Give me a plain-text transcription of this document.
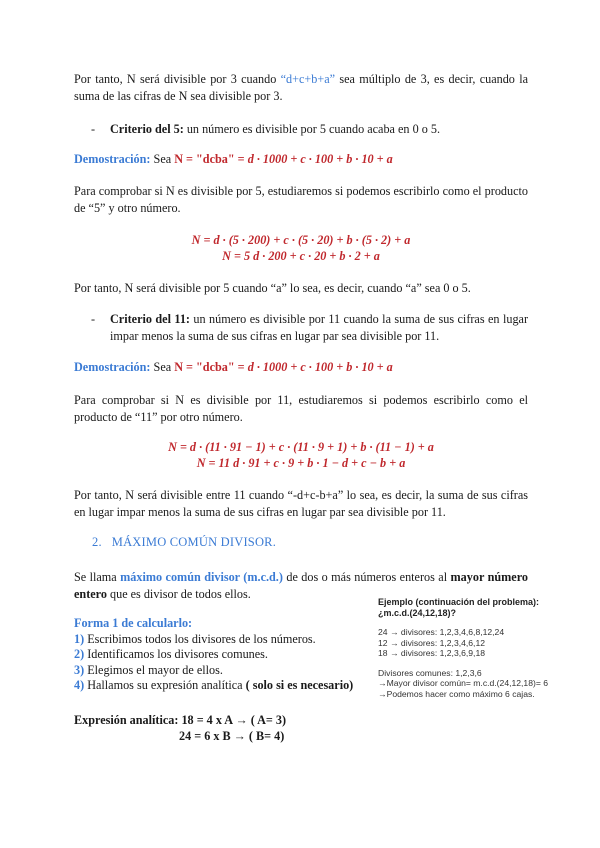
Por tanto, N será divisible por 3 cuando “d+c+b+a” sea múltiplo de 3, es decir, cuando la suma de las cifras de N sea divisible por 3.
- Criterio del 5: un número es divisible por 5 cuando acaba en 0 o 5.
Demostración: Sea N = "dcba" = d · 1000 + c · 100 + b · 10 + a
Para comprobar si N es divisible por 5, estudiaremos si podemos escribirlo como el producto de “5” y otro número.
N = d · (5 · 200) + c · (5 · 20) + b · (5 · 2) + a
N = 5 d · 200 + c · 20 + b · 2 + a
Por tanto, N será divisible por 5 cuando “a” lo sea, es decir, cuando “a” sea 0 o 5.
- Criterio del 11: un número es divisible por 11 cuando la suma de sus cifras en lugar impar menos la suma de sus cifras en lugar par sea divisible por 11.
Demostración: Sea N = "dcba" = d · 1000 + c · 100 + b · 10 + a
Para comprobar si N es divisible por 11, estudiaremos si podemos escribirlo como el producto de “11” por otro número.
N = d · (11 · 91 − 1) + c · (11 · 9 + 1) + b · (11 − 1) + a
N = 11 d · 91 + c · 9 + b · 1 − d + c − b + a
Por tanto, N será divisible entre 11 cuando “-d+c-b+a” lo sea, es decir, la suma de sus cifras en lugar impar menos la suma de sus cifras en lugar par sea divisible por 11.
2. MÁXIMO COMÚN DIVISOR.
Se llama máximo común divisor (m.c.d.) de dos o más números enteros al mayor número entero que es divisor de todos ellos.
Forma 1 de calcularlo:
1) Escribimos todos los divisores de los números.
2) Identificamos los divisores comunes.
3) Elegimos el mayor de ellos.
4) Hallamos su expresión analítica ( solo si es necesario)
Expresión analítica: 18 = 4 x A → ( A= 3)
24 = 6 x B → ( B= 4)
Ejemplo (continuación del problema):
¿m.c.d.(24,12,18)?
24 → divisores: 1,2,3,4,6,8,12,24
12 → divisores: 1,2,3,4,6,12
18 → divisores: 1,2,3,6,9,18
Divisores comunes: 1,2,3,6
→Mayor divisor común= m.c.d.(24,12,18)= 6
→Podemos hacer como máximo 6 cajas.
